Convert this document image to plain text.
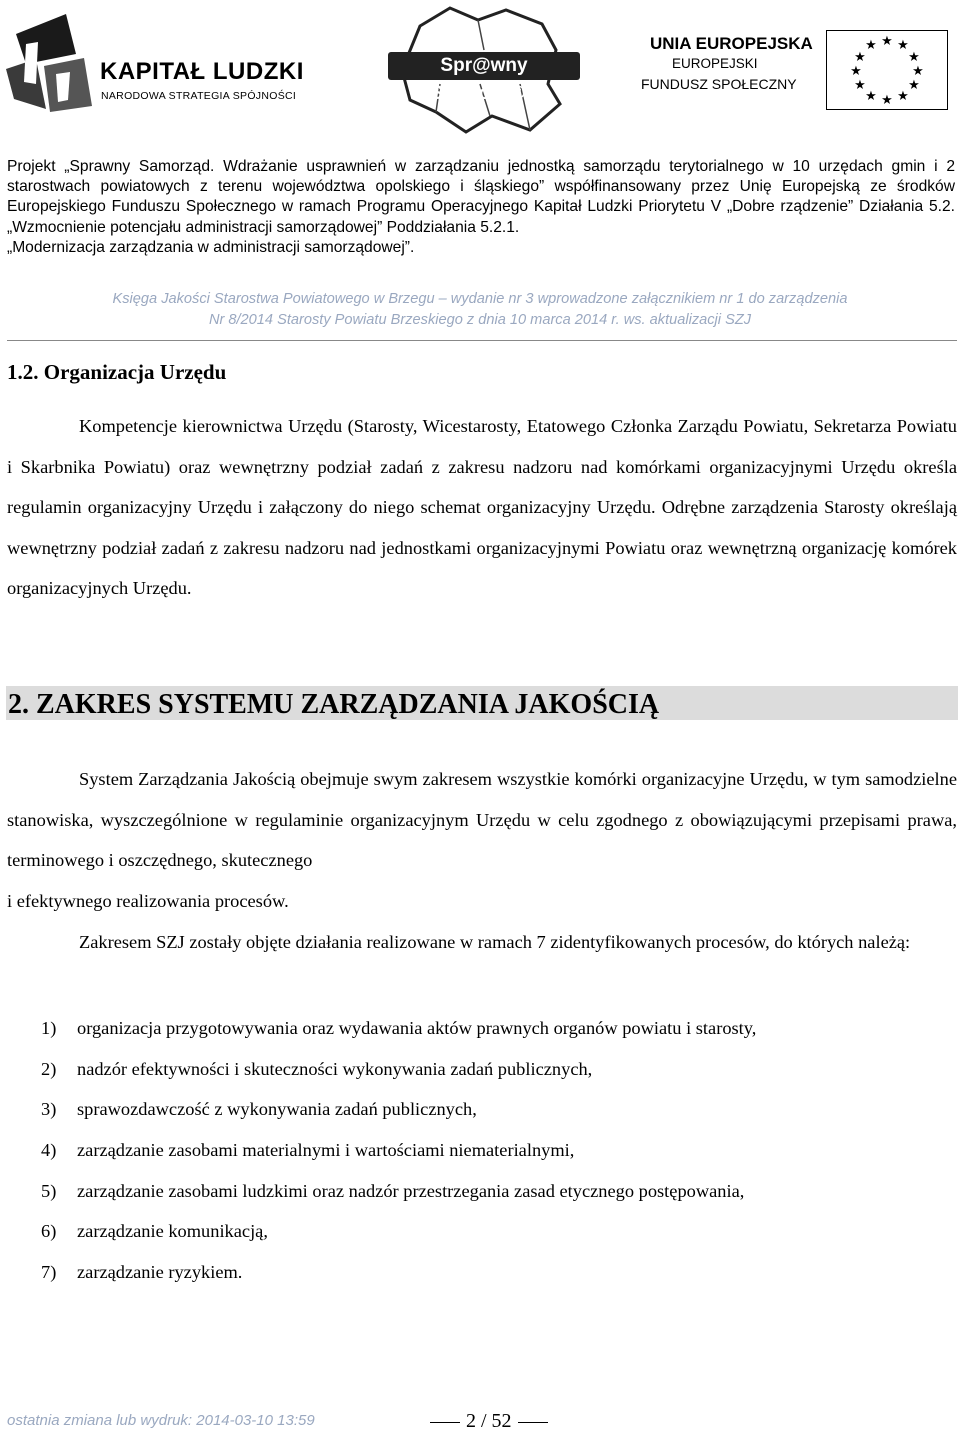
KAPITAŁ LUDZKI
NARODOWA STRATEGIA SPÓJNOŚCI
Spr@wny S@morz@d
UNIA EUROPEJSKA
EUROPEJSKI
FUNDUSZ SPOŁECZNY
★ ★
★
★
★
★
★
★
★
★
★
★
Projekt „Sprawny Samorząd. Wdrażanie usprawnień w zarządzaniu jednostką samorządu terytorialnego w 10 urzędach gmin i 2 starostwach powiatowych z terenu województwa opolskiego i śląskiego” współfinansowany przez Unię Europejską ze środków Europejskiego Funduszu Społecznego w ramach Programu Operacyjnego Kapitał Ludzki Priorytetu V „Dobre rządzenie” Działania 5.2. „Wzmocnienie potencjału administracji samorządowej” Poddziałania 5.2.1.
„Modernizacja zarządzania w administracji samorządowej”.
Księga Jakości Starostwa Powiatowego w Brzegu – wydanie nr 3 wprowadzone załącznikiem nr 1 do zarządzenia
Nr 8/2014 Starosty Powiatu Brzeskiego z dnia 10 marca 2014 r. ws. aktualizacji SZJ
1.2. Organizacja Urzędu

Kompetencje kierownictwa Urzędu (Starosty, Wicestarosty, Etatowego Członka Zarządu Powiatu, Sekretarza Powiatu i Skarbnika Powiatu) oraz wewnętrzny podział zadań z zakresu nadzoru nad komórkami organizacyjnymi Urzędu określa regulamin organizacyjny Urzędu i załączony do niego schemat organizacyjny Urzędu. Odrębne zarządzenia Starosty określają wewnętrzny podział zadań z zakresu nadzoru nad jednostkami organizacyjnymi Powiatu oraz wewnętrzną organizację komórek organizacyjnych Urzędu.

2. ZAKRES SYSTEMU ZARZĄDZANIA JAKOŚCIĄ

System Zarządzania Jakością obejmuje swym zakresem wszystkie komórki organizacyjne Urzędu, w tym samodzielne stanowiska, wyszczególnione w regulaminie organizacyjnym Urzędu w celu zgodnego z obowiązującymi przepisami prawa, terminowego i oszczędnego, skutecznego

i efektywnego realizowania procesów.

Zakresem SZJ zostały objęte działania realizowane w ramach 7 zidentyfikowanych procesów, do których należą:

1) organizacja przygotowywania oraz wydawania aktów prawnych organów powiatu i starosty,
2) nadzór efektywności i skuteczności wykonywania zadań publicznych,
3) sprawozdawczość z wykonywania zadań publicznych,
4) zarządzanie zasobami materialnymi i wartościami niematerialnymi,
5) zarządzanie zasobami ludzkimi oraz nadzór przestrzegania zasad etycznego postępowania,
6) zarządzanie komunikacją,
7) zarządzanie ryzykiem.
ostatnia zmiana lub wydruk: 2014-03-10 13:59	2 / 52
